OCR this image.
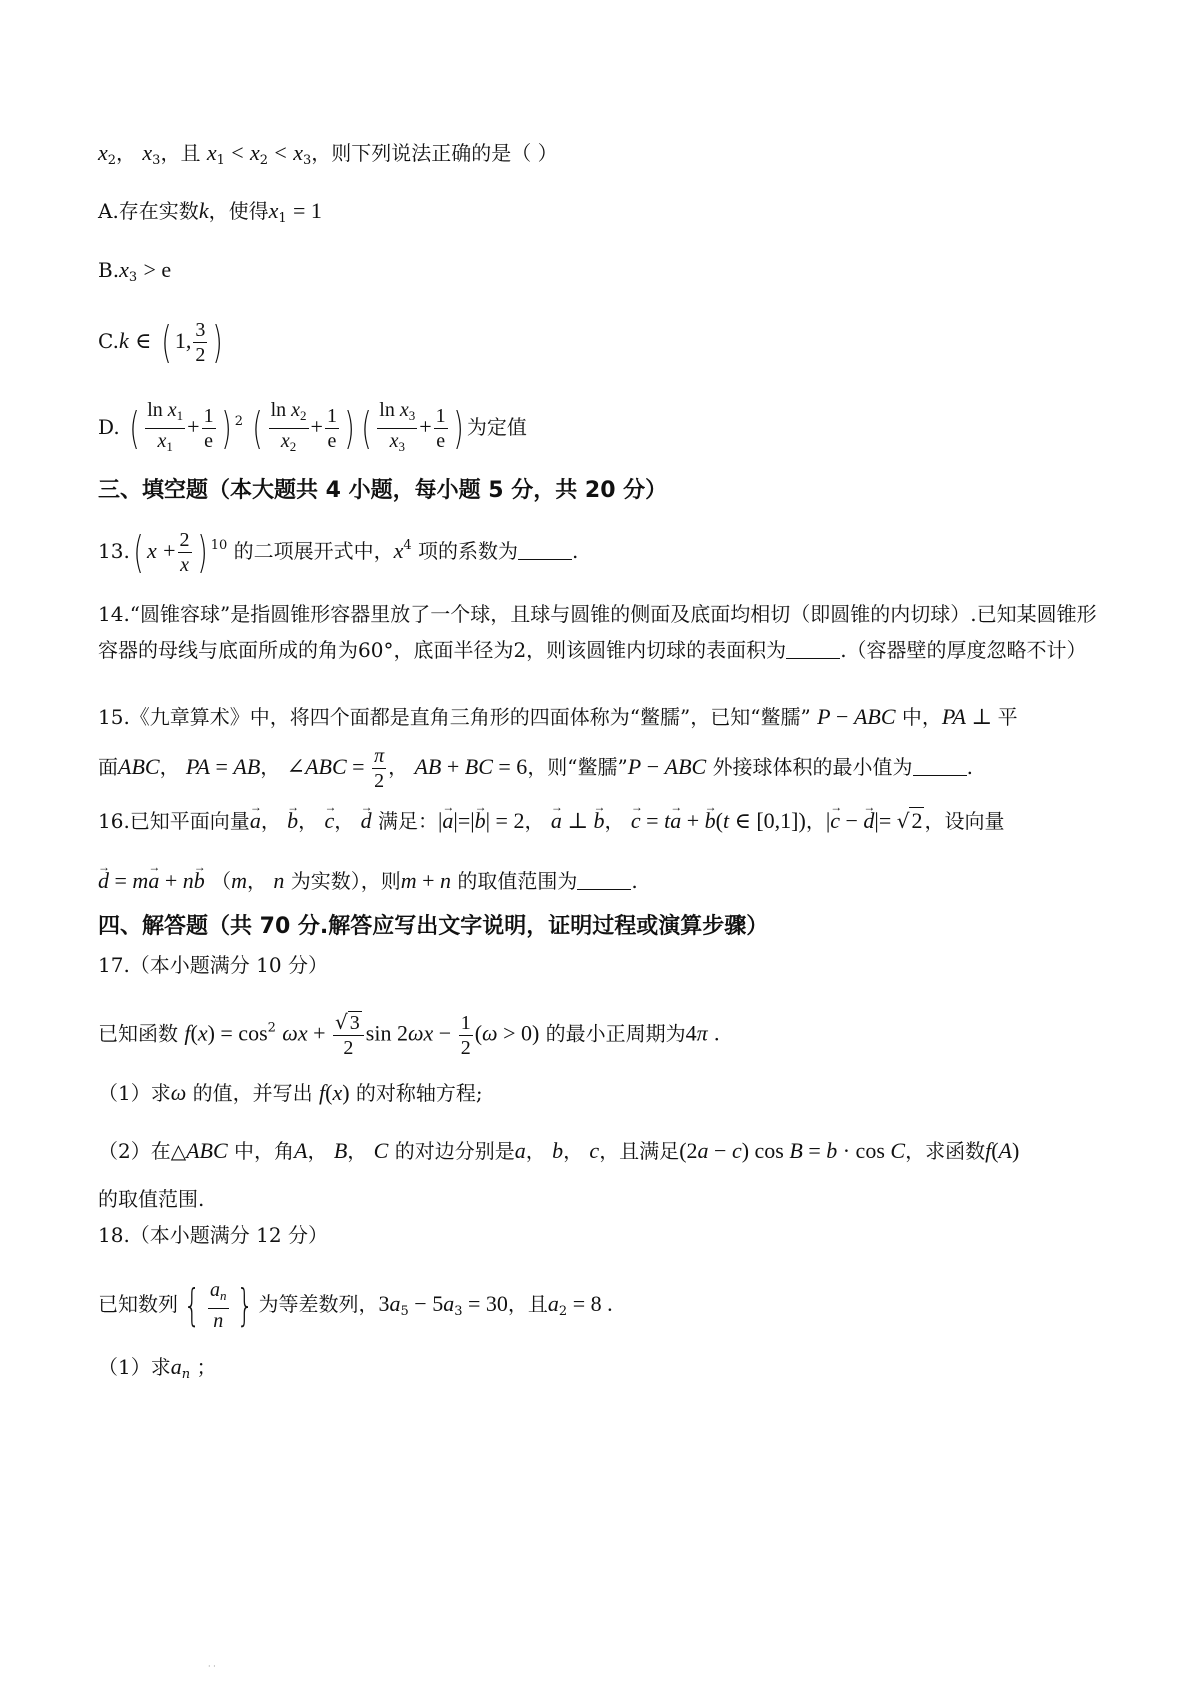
$x_2$， $x_3$，且 $x_1 < x_2 < x_3$，则下列说法正确的是（ ）
A.存在实数k，使得$x_1 = 1$
$B.x_3 > e$
C.k ∈ ( 1, $\frac{3}{2}$ )
D. ( $\frac{\ln x_1}{x_1} + \frac{1}{e}$ ) $^2$ ( $\frac{\ln x_2}{x_2} + \frac{1}{e}$ ) ( $\frac{\ln x_3}{x_3} + \frac{1}{e}$ ) 为定值
三、填空题（本大题共 4 小题，每小题 5 分，共 20 分）
13.( $x + \frac{2}{x}$ ) $^{10}$ 的二项展开式中，$x^4$ 项的系数为	.
14.“圆锥容球”是指圆锥形容器里放了一个球，且球与圆锥的侧面及底面均相切（即圆锥的内切球）.已知某圆锥形容器的母线与底面所成的角为60°，底面半径为2，则该圆锥内切球的表面积为	.（容器壁的厚度忽略不计）
15.《九章算术》中，将四个面都是直角三角形的四面体称为“鳖臑”，已知“鳖臑” P − ABC 中，PA ⊥ 平
面ABC， PA = AB， ∠ABC = $\frac{\pi}{2}$ ， AB + BC = 6，则“鳖臑”P − ABC 外接球体积的最小值为	.
16.已知平面向量→ a， → b， → c， → d 满足：|→ a|=|→ b| = 2， → a ⊥ → b， → c = t→ a + → b(t ∈ [0,1])，|→ c − → d|= √2 ，设向量
→ d = m→ a + n→ b （m， n 为实数），则m + n 的取值范围为	.
四、解答题（共 70 分.解答应写出文字说明，证明过程或演算步骤）
17.（本小题满分 10 分）
已知函数 $f(x) = \cos^2 \omega x + \frac{√ 3}{2}$ $\sin 2\omega x - \frac{1}{2} (\omega > 0)$ 的最小正周期为4π .
（1）求ω 的值，并写出 f(x) 的对称轴方程;
（2）在△ABC 中，角A， B， C 的对边分别是a， b， c，且满足(2a − c) cos B = b · cos C，求函数f(A)
的取值范围.
18.（本小题满分 12 分）
已知数列 { $\frac{a_n}{n}$ } 为等差数列，$3a_5 - 5a_3 = 30$，且$a_2 = 8$ .
（1）求$a_n$ ；
· ·
